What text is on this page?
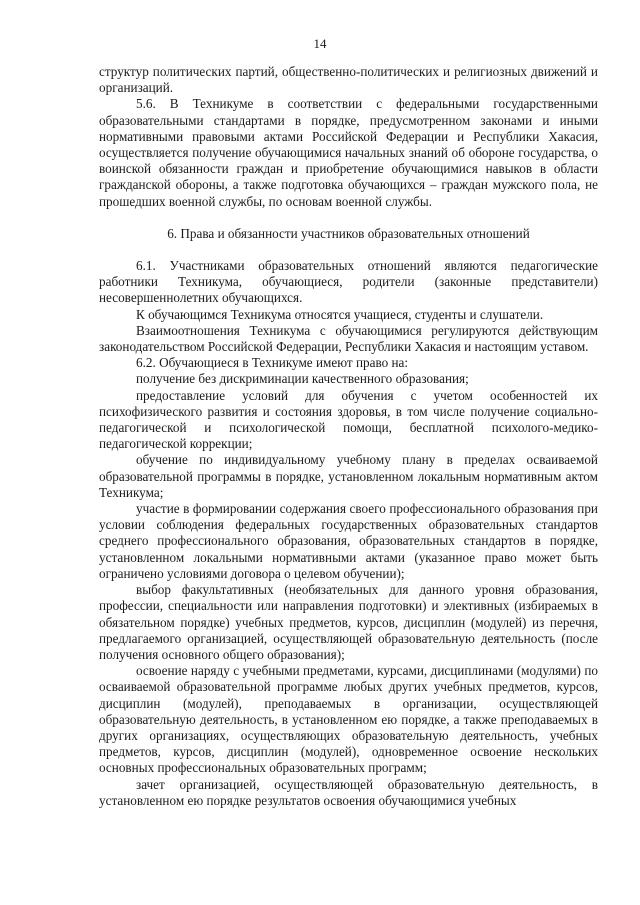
14

структур политических партий, общественно-политических и религиозных движений и организаций.

5.6. В Техникуме в соответствии с федеральными государственными образовательными стандартами в порядке, предусмотренном законами и иными нормативными правовыми актами Российской Федерации и Республики Хакасия, осуществляется получение обучающимися начальных знаний об обороне государства, о воинской обязанности граждан и приобретение обучающимися навыков в области гражданской обороны, а также подготовка обучающихся – граждан мужского пола, не прошедших военной службы, по основам военной службы.

6. Права и обязанности участников образовательных отношений

6.1. Участниками образовательных отношений являются педагогические работники Техникума, обучающиеся, родители (законные представители) несовершеннолетних обучающихся.

К обучающимся Техникума относятся учащиеся, студенты и слушатели.

Взаимоотношения Техникума с обучающимися регулируются действующим законодательством Российской Федерации, Республики Хакасия и настоящим уставом.

6.2. Обучающиеся в Техникуме имеют право на:

получение без дискриминации качественного образования;

предоставление условий для обучения с учетом особенностей их психофизического развития и состояния здоровья, в том числе получение социально-педагогической и психологической помощи, бесплатной психолого-медико-педагогической коррекции;

обучение по индивидуальному учебному плану в пределах осваиваемой образовательной программы в порядке, установленном локальным нормативным актом Техникума;

участие в формировании содержания своего профессионального образования при условии соблюдения федеральных государственных образовательных стандартов среднего профессионального образования, образовательных стандартов в порядке, установленном локальными нормативными актами (указанное право может быть ограничено условиями договора о целевом обучении);

выбор факультативных (необязательных для данного уровня образования, профессии, специальности или направления подготовки) и элективных (избираемых в обязательном порядке) учебных предметов, курсов, дисциплин (модулей) из перечня, предлагаемого организацией, осуществляющей образовательную деятельность (после получения основного общего образования);

освоение наряду с учебными предметами, курсами, дисциплинами (модулями) по осваиваемой образовательной программе любых других учебных предметов, курсов, дисциплин (модулей), преподаваемых в организации, осуществляющей образовательную деятельность, в установленном ею порядке, а также преподаваемых в других организациях, осуществляющих образовательную деятельность, учебных предметов, курсов, дисциплин (модулей), одновременное освоение нескольких основных профессиональных образовательных программ;

зачет организацией, осуществляющей образовательную деятельность, в установленном ею порядке результатов освоения обучающимися учебных
